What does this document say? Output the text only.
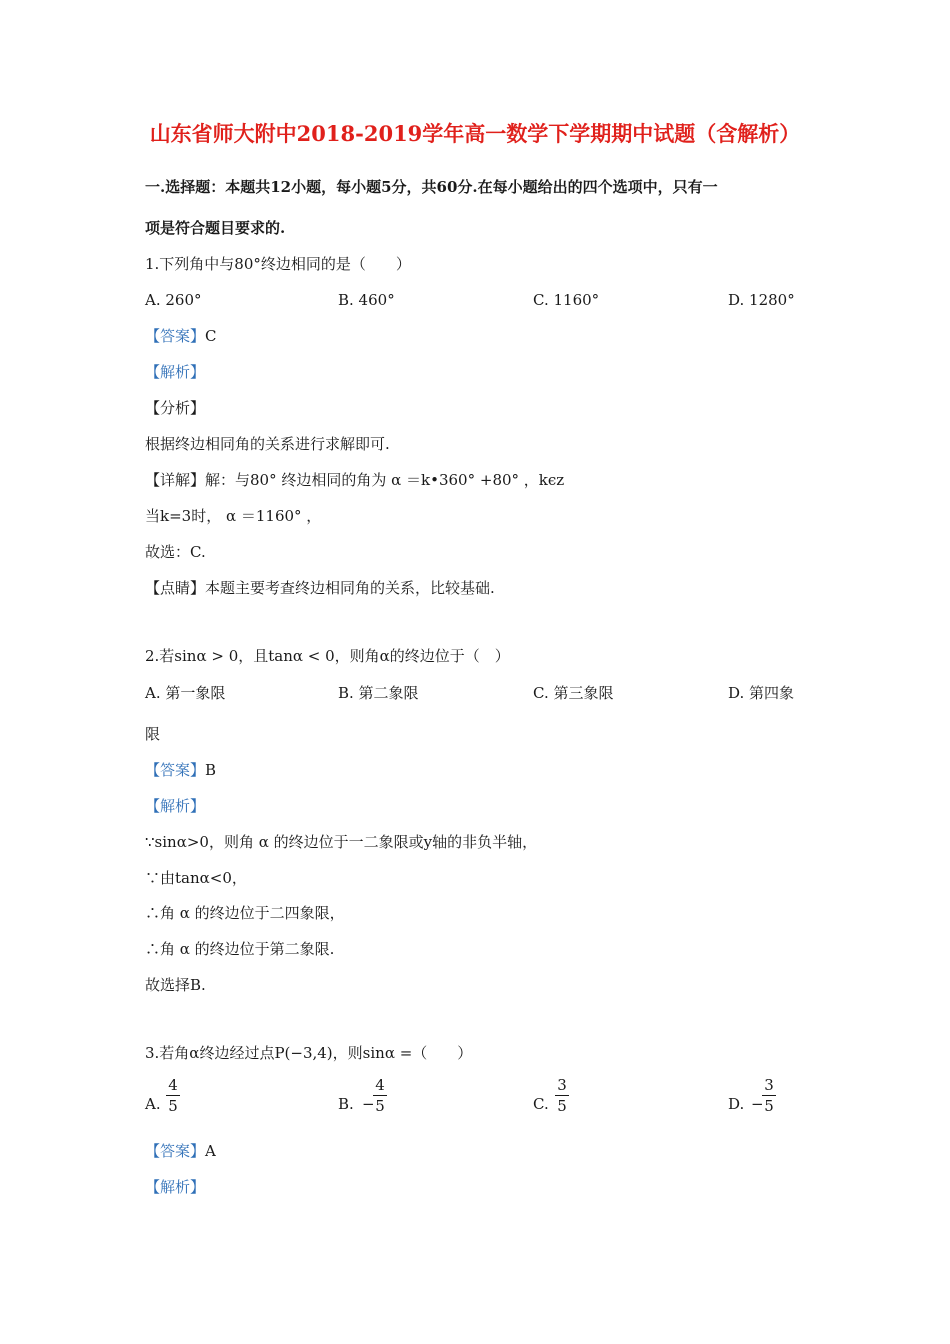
山东省师大附中2018-2019学年高一数学下学期期中试题（含解析）
一.选择题：本题共12小题，每小题5分，共60分.在每小题给出的四个选项中，只有一
项是符合题目要求的.
1.下列角中与80°终边相同的是（　　）
A. 260°	B. 460°	C. 1160°	D. 1280°
【答案】C
【解析】
【分析】
根据终边相同角的关系进行求解即可.
【详解】解：与80° 终边相同的角为 α ＝k•360° +80° ，kϵz
当k=3时， α ＝1160° ，
故选：C.
【点睛】本题主要考查终边相同角的关系，比较基础.
2.若sinα > 0，且tanα < 0，则角α的终边位于（　）
A. 第一象限	B. 第二象限	C. 第三象限	D. 第四象
限
【答案】B
【解析】
∵sinα>0，则角 α 的终边位于一二象限或y轴的非负半轴，
∵由tanα<0，
∴角 α 的终边位于二四象限，
∴角 α 的终边位于第二象限.
故选择B.
3.若角α终边经过点P(−3,4)，则sinα =（　　）
A.
4
5	B. −
4
5	C.
3
5	D. −
3
5
【答案】A
【解析】
